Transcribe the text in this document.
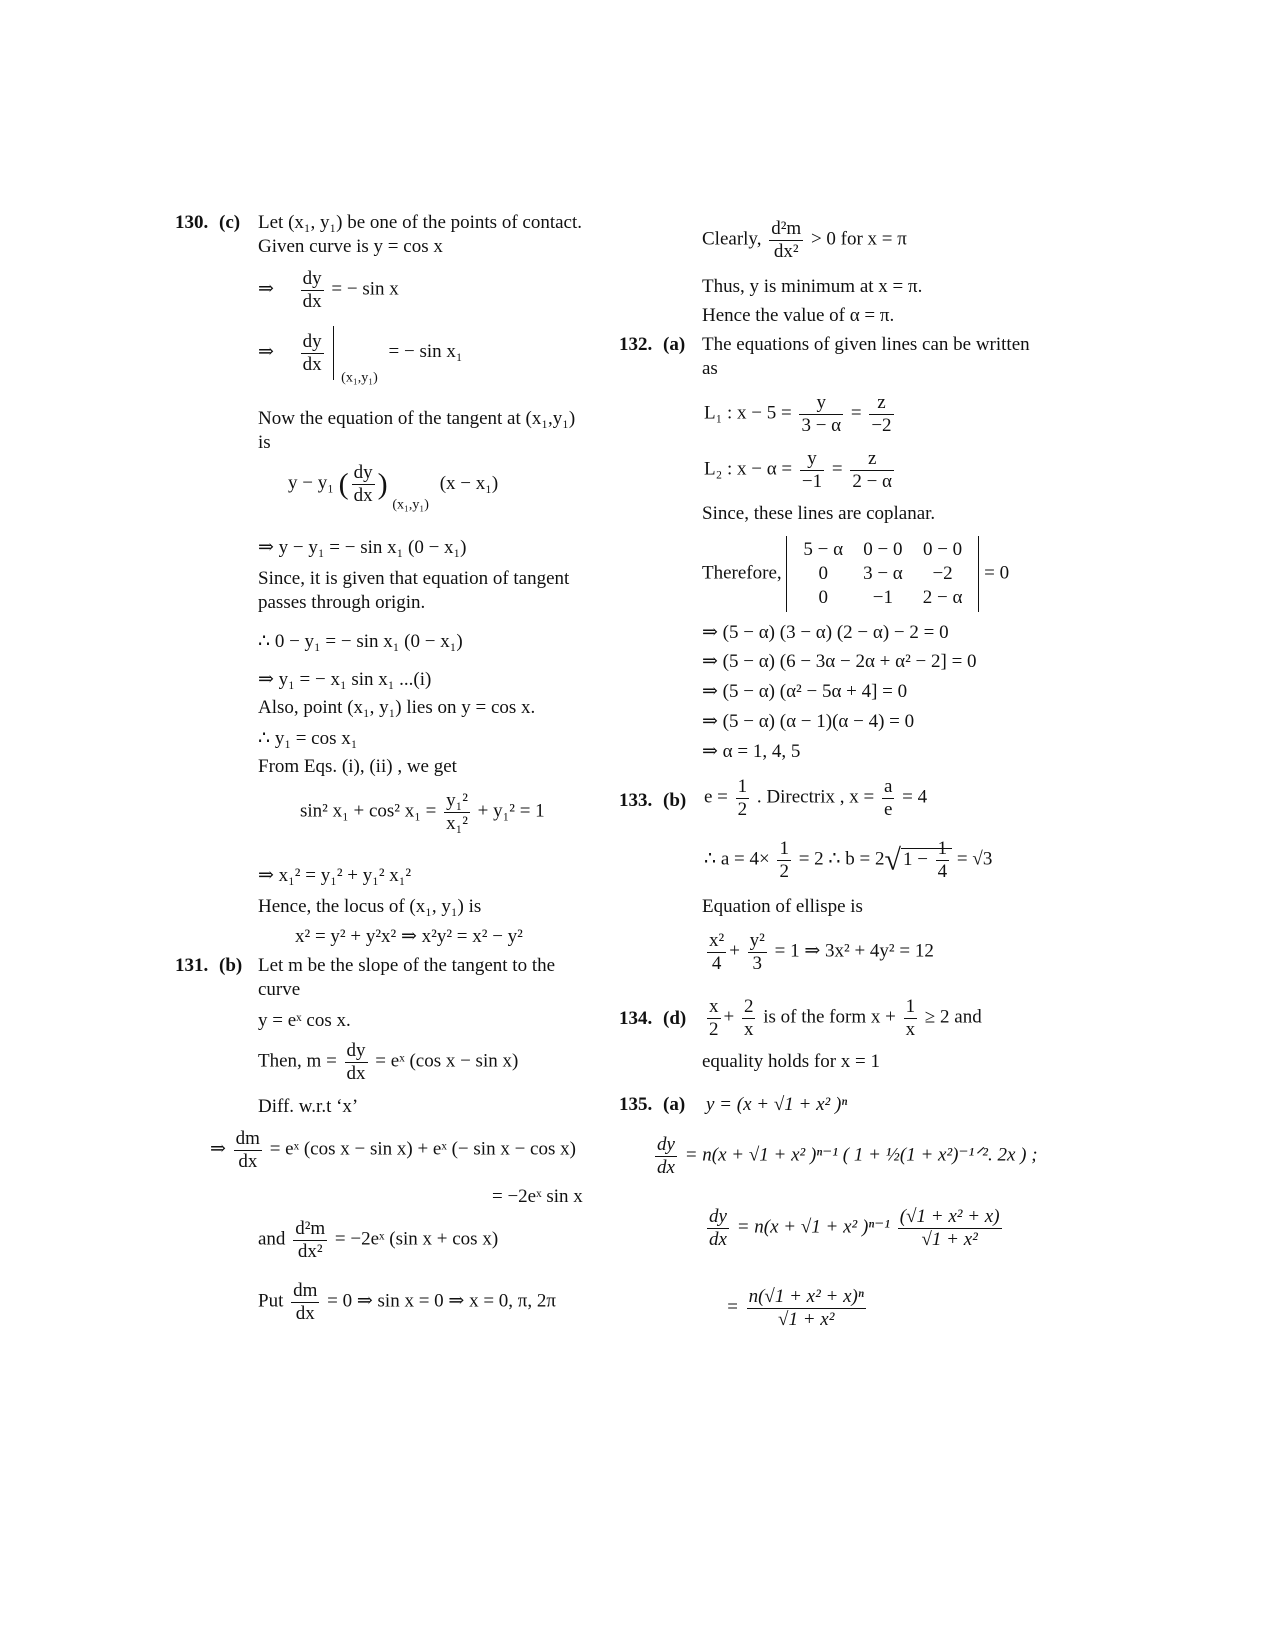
130. (c) Let (x₁, y₁) be one of the points of contact.
Given curve is y = cos x
⇒ $\frac{dy}{dx}$ = − sin x
⇒ $\frac{dy}{dx}$
$_{(x_1,y_1)}$ = − sin x₁
Now the equation of the tangent at (x₁,y₁)
is
y − y₁ ( $\frac{dy}{dx}$ ) $_{(x_1,y_1)}$ (x − x₁)
⇒ y − y₁ = − sin x₁ (0 − x₁)
Since, it is given that equation of tangent
passes through origin.
∴ 0 − y₁ = − sin x₁ (0 − x₁)
⇒ y₁ = − x₁ sin x₁ ...(i)
Also, point (x₁, y₁) lies on y = cos x.
∴ y₁ = cos x₁
From Eqs. (i), (ii) , we get
sin² x₁ + cos² $x_1 = \frac{\text{y₁²}}{\text{x₁²}} + y_1^2 = 1$
⇒ x₁² = y₁² + y₁² x₁²
Hence, the locus of (x₁, y₁) is
x² = y² + y²x² ⇒ x²y² = x² − y²
131. (b) Let m be the slope of the tangent to the
curve
y = eˣ cos x.
Then, $m = \frac{dy}{dx}$ = eˣ (cos x − sin x)
Diff. w.r.t ‘x’
⇒ $\frac{dm}{dx}$ = eˣ (cos x − sin x) + eˣ (− sin x − cos x)
= −2eˣ sin x
and $\frac{\text{d²m}}{\text{dx²}}$ = −2eˣ (sin x + cos x)
Put $\frac{dm}{dx} = 0$ ⇒ sin x = 0 ⇒ x = 0, π, 2π
Clearly, $\frac{\text{d²m}}{\text{dx²}} > 0$ for x = π
Thus, y is minimum at x = π.
Hence the value of α = π.
132. (a) The equations of given lines can be written
as
L₁ : $x - 5 = \frac{y}{3 - \alpha} = \frac{z}{-2}$
L₂ : $x - \alpha = \frac{y}{-1} = \frac{z}{2 - \alpha}$
Since, these lines are coplanar.
Therefore,
5 − α	0 − 0	0 − 0
0	3 − α	−2
0	−1	2 − α
= 0
⇒ (5 − α) (3 − α) (2 − α) − 2 = 0
⇒ (5 − α) (6 − 3α − 2α + α² − 2] = 0
⇒ (5 − α) (α² − 5α + 4] = 0
⇒ (5 − α) (α − 1)(α − 4) = 0
⇒ α = 1, 4, 5
133. (b) $e = \frac{1}{2}$ . Directrix , $x = \frac{a}{e} = 4$
∴ $a = 4\times \frac{1}{2} = 2$ ∴ b = 2√ $1 - \frac{1}{4} = √3$
Equation of ellispe is
$\frac{\text{x²}}{4} + \frac{\text{y²}}{3} = 1$ ⇒ 3x² + 4y² = 12
134. $(d) \frac{x}{2} + \frac{2}{x}$ is of the form $x + \frac{1}{x} \ge 2$ and
equality holds for x = 1
135. (a) y = (x + √1 + x² )ⁿ
$\frac{dy}{dx} = n(x + √1 + x^2$ )ⁿ⁻¹ ( 1 + ½(1 + x²)⁻¹ᐟ². 2x ) ;
$\frac{dy}{dx} = n(x + √1 + x^2$ )$^{n-1} \frac{\text{(√1 + x² + x)}}{\text{√1 + x²}}$
= $\frac{\text{n(√1 + x² + x)ⁿ}}{\text{√1 + x²}}$
